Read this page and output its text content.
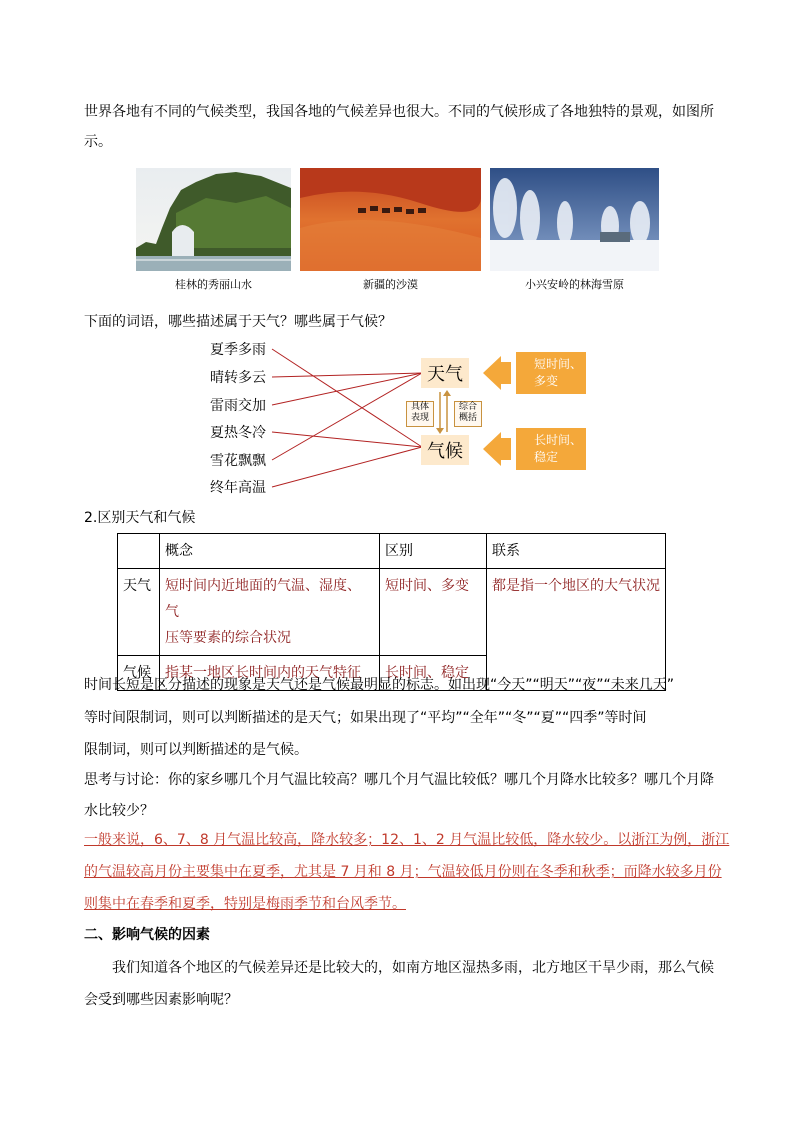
世界各地有不同的气候类型，我国各地的气候差异也很大。不同的气候形成了各地独特的景观，如图所
示。
桂林的秀丽山水	新疆的沙漠	小兴安岭的林海雪原
下面的词语，哪些描述属于天气？哪些属于气候？
夏季多雨
晴转多云
雷雨交加
夏热冬冷
雪花飘飘
终年高温
天气
气候
具体
表现
综合
概括
短时间、
多变
长时间、
稳定
2.区别天气和气候
	概念	区别	联系
天气	短时间内近地面的气温、湿度、气
压等要素的综合状况	短时间、多变	都是指一个地区的大气状况
气候	指某一地区长时间内的天气特征	长时间、稳定	
时间长短是区分描述的现象是天气还是气候最明显的标志。如出现“今天”“明天”“夜”“未来几天”
等时间限制词，则可以判断描述的是天气；如果出现了“平均”“全年”“冬”“夏”“四季”等时间
限制词，则可以判断描述的是气候。
思考与讨论：你的家乡哪几个月气温比较高？哪几个月气温比较低？哪几个月降水比较多？哪几个月降
水比较少？
一般来说，6、7、8 月气温比较高，降水较多；12、1、2 月气温比较低，降水较少。以浙江为例，浙江
的气温较高月份主要集中在夏季，尤其是 7 月和 8 月；气温较低月份则在冬季和秋季；而降水较多月份
则集中在春季和夏季，特别是梅雨季节和台风季节。
二、影响气候的因素
我们知道各个地区的气候差异还是比较大的，如南方地区湿热多雨，北方地区干旱少雨，那么气候
会受到哪些因素影响呢？
